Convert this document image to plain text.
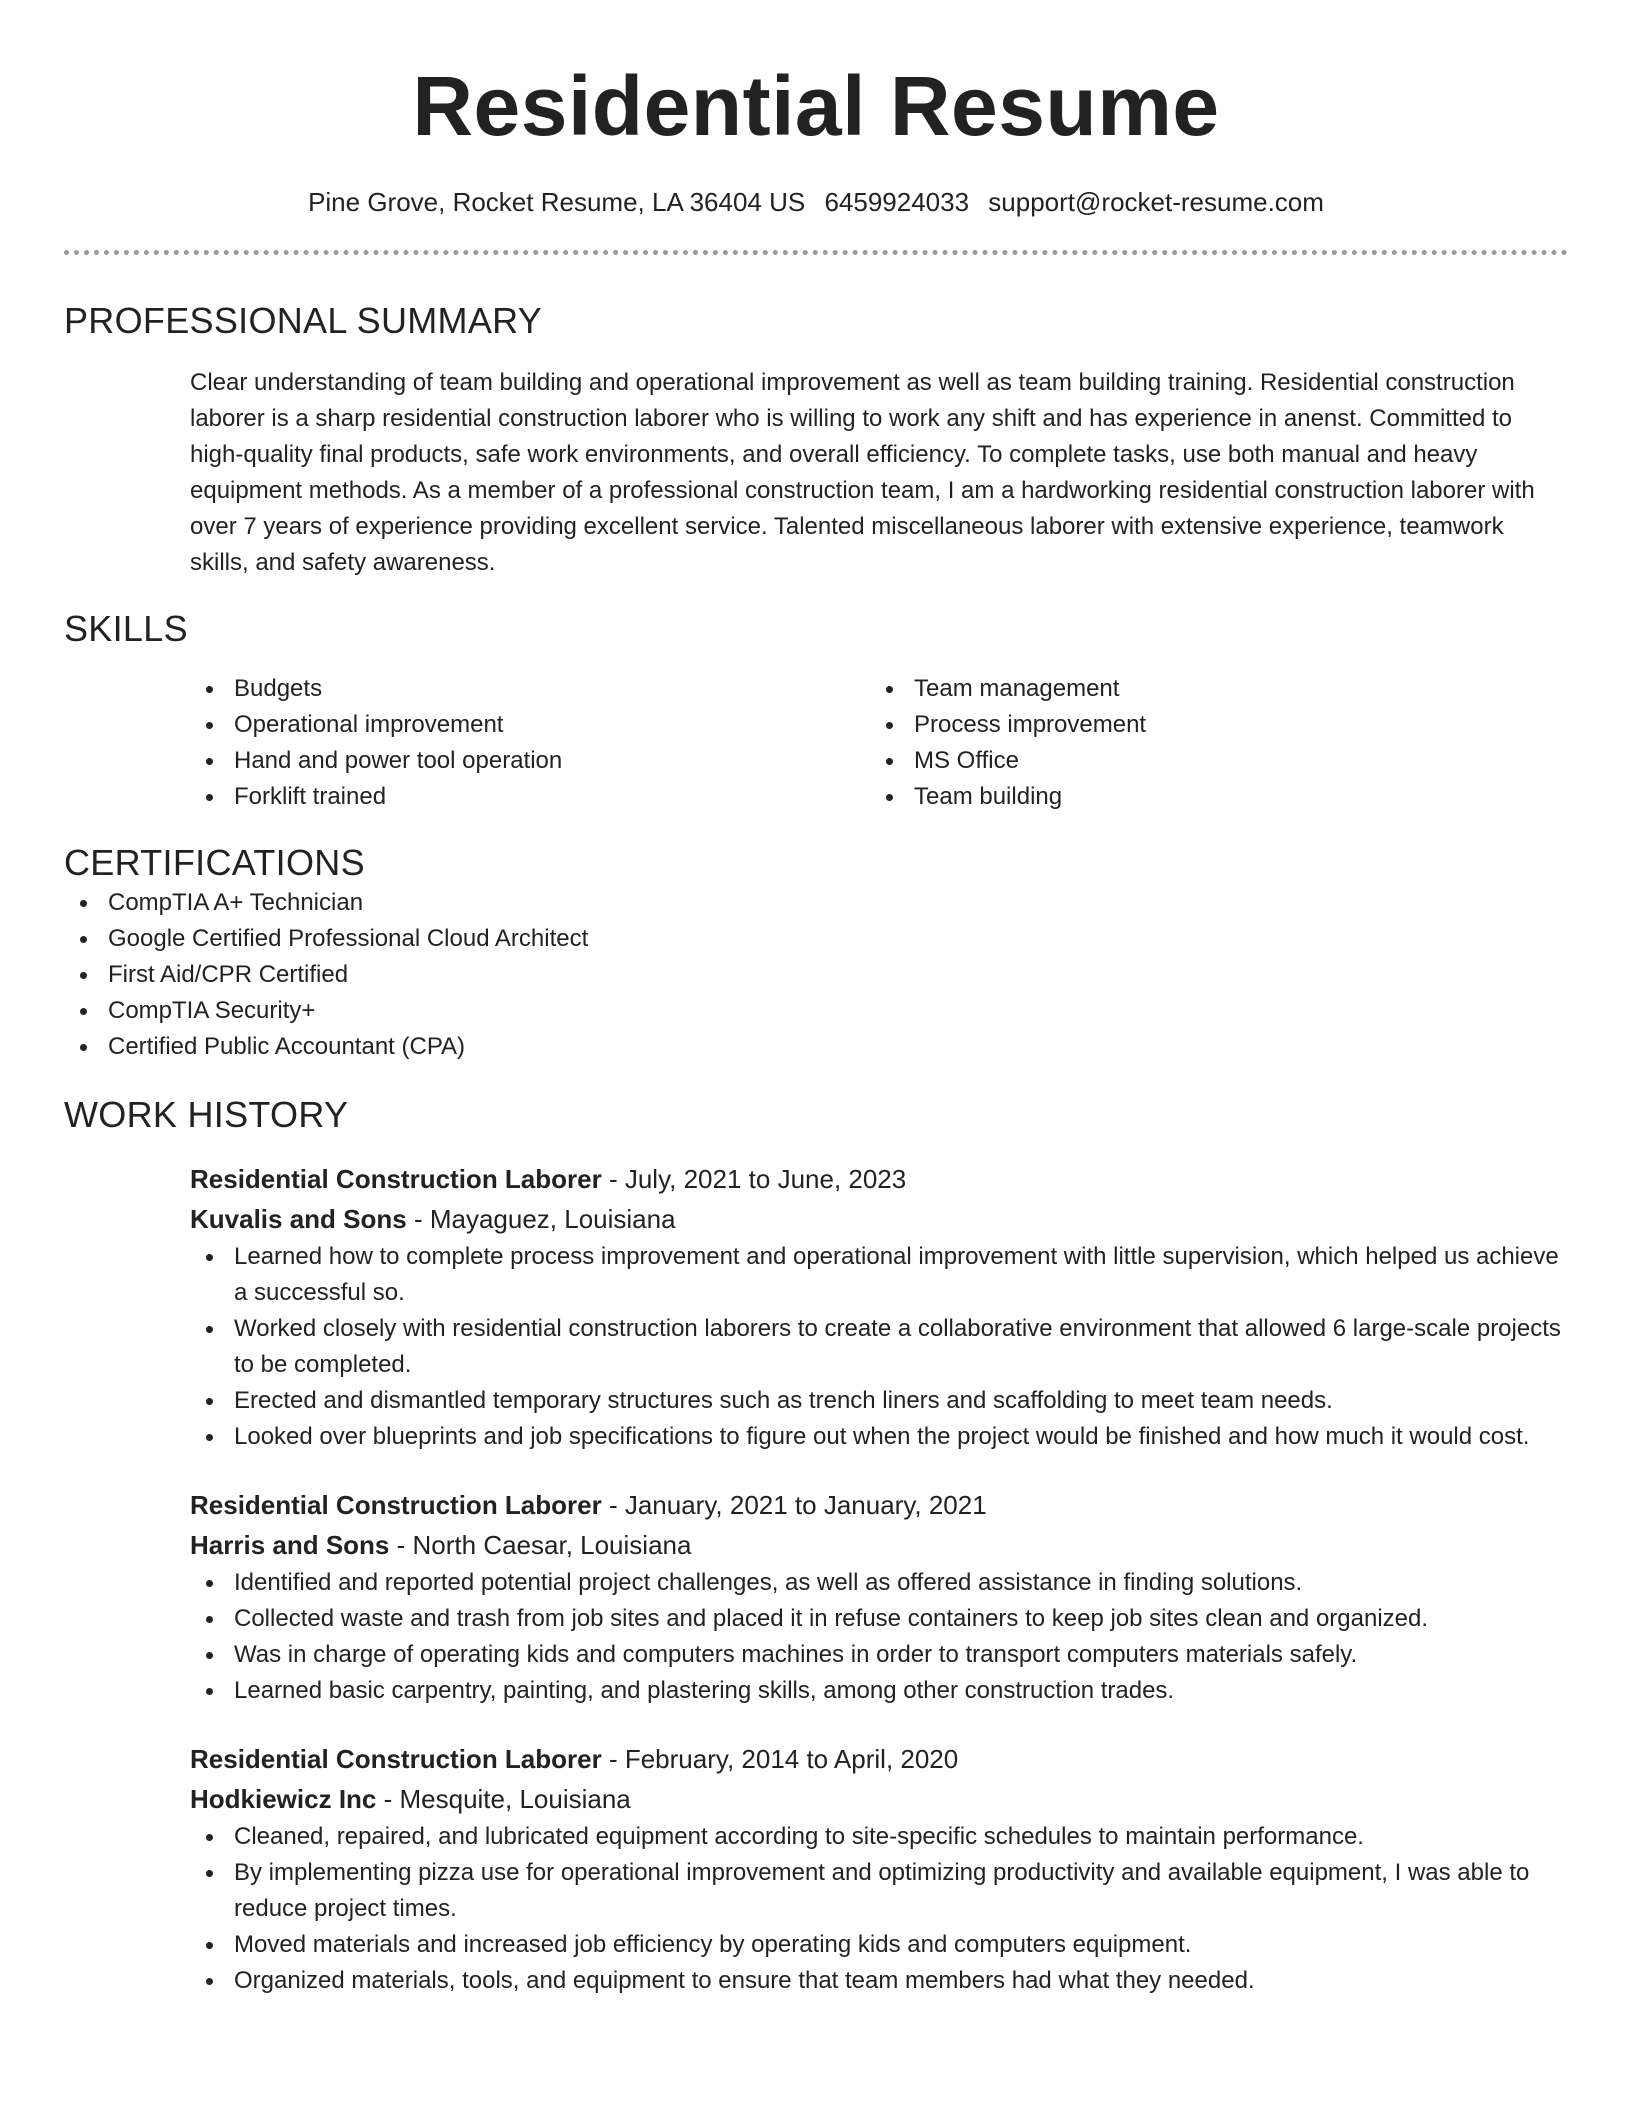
Residential Resume
Pine Grove, Rocket Resume, LA 36404 US 6459924033 support@rocket-resume.com
PROFESSIONAL SUMMARY
Clear understanding of team building and operational improvement as well as team building training. Residential construction laborer is a sharp residential construction laborer who is willing to work any shift and has experience in anenst. Committed to high-quality final products, safe work environments, and overall efficiency. To complete tasks, use both manual and heavy equipment methods. As a member of a professional construction team, I am a hardworking residential construction laborer with over 7 years of experience providing excellent service. Talented miscellaneous laborer with extensive experience, teamwork skills, and safety awareness.
SKILLS
Budgets
Operational improvement
Hand and power tool operation
Forklift trained
Team management
Process improvement
MS Office
Team building
CERTIFICATIONS
CompTIA A+ Technician
Google Certified Professional Cloud Architect
First Aid/CPR Certified
CompTIA Security+
Certified Public Accountant (CPA)
WORK HISTORY
Residential Construction Laborer - July, 2021 to June, 2023
Kuvalis and Sons - Mayaguez, Louisiana
Learned how to complete process improvement and operational improvement with little supervision, which helped us achieve a successful so.
Worked closely with residential construction laborers to create a collaborative environment that allowed 6 large-scale projects to be completed.
Erected and dismantled temporary structures such as trench liners and scaffolding to meet team needs.
Looked over blueprints and job specifications to figure out when the project would be finished and how much it would cost.
Residential Construction Laborer - January, 2021 to January, 2021
Harris and Sons - North Caesar, Louisiana
Identified and reported potential project challenges, as well as offered assistance in finding solutions.
Collected waste and trash from job sites and placed it in refuse containers to keep job sites clean and organized.
Was in charge of operating kids and computers machines in order to transport computers materials safely.
Learned basic carpentry, painting, and plastering skills, among other construction trades.
Residential Construction Laborer - February, 2014 to April, 2020
Hodkiewicz Inc - Mesquite, Louisiana
Cleaned, repaired, and lubricated equipment according to site-specific schedules to maintain performance.
By implementing pizza use for operational improvement and optimizing productivity and available equipment, I was able to reduce project times.
Moved materials and increased job efficiency by operating kids and computers equipment.
Organized materials, tools, and equipment to ensure that team members had what they needed.
